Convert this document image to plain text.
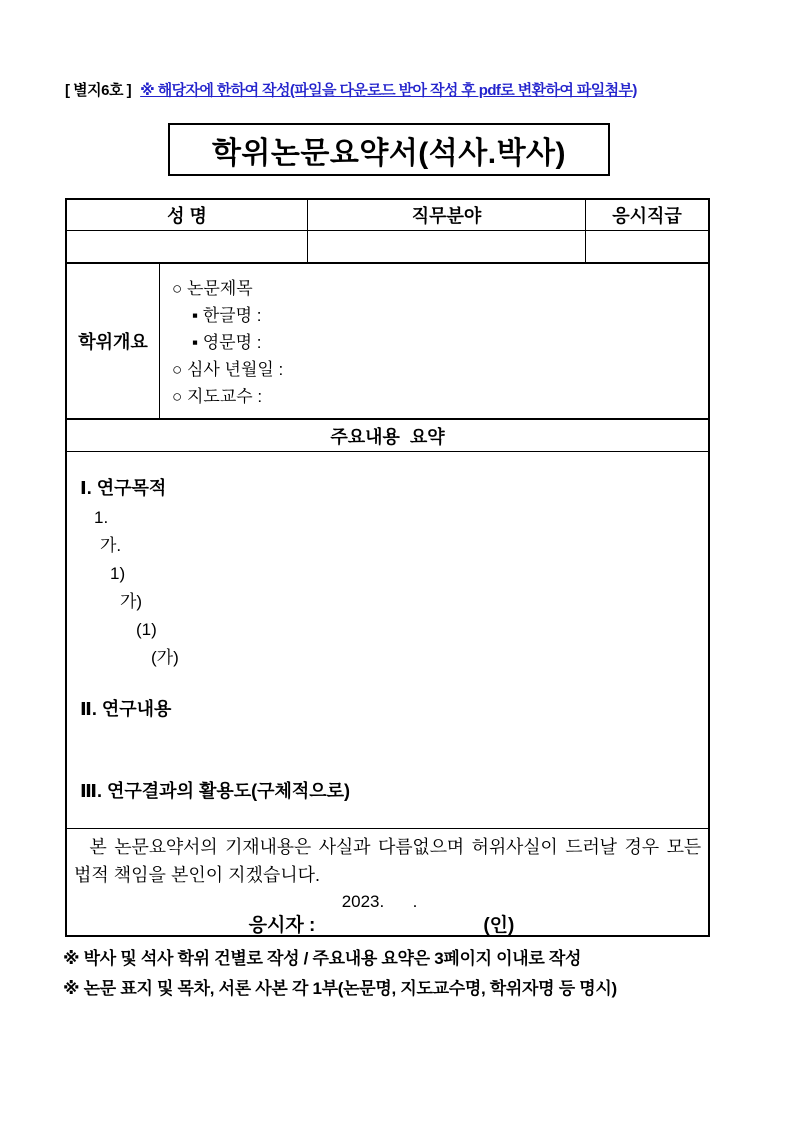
[ 별지6호 ] ※ 해당자에 한하여 작성(파일을 다운로드 받아 작성 후 pdf로 변환하여 파일첨부)
학위논문요약서(석사.박사)
성 명	직무분야	응시직급
학위개요
○ 논문제목
▪ 한글명 :
▪ 영문명 :
○ 심사 년월일 :
○ 지도교수 :
주요내용  요약
Ⅰ. 연구목적
1.
가.
1)
가)
(1)
(가)
Ⅱ. 연구내용
Ⅲ. 연구결과의 활용도(구체적으로)
본 논문요약서의 기재내용은 사실과 다름없으며 허위사실이 드러날 경우 모든
법적 책임을 본인이 지겠습니다.
2023.      .
응시자 :	(인)
※ 박사 및 석사 학위 건별로 작성 / 주요내용 요약은 3페이지 이내로 작성
※ 논문 표지 및 목차, 서론 사본 각 1부(논문명, 지도교수명, 학위자명 등 명시)
